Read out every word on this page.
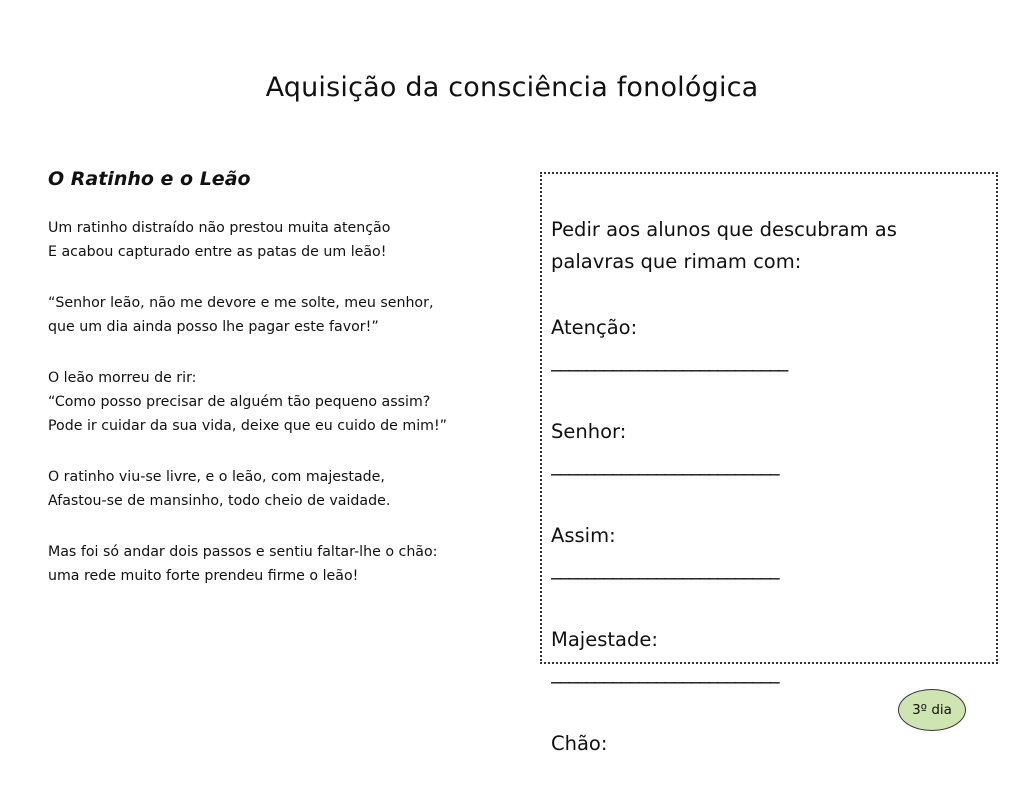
Aquisição da consciência fonológica
O Ratinho e o Leão
Um ratinho distraído não prestou muita atenção
E acabou capturado entre as patas de um leão!
“Senhor leão, não me devore e me solte, meu senhor,
que um dia ainda posso lhe pagar este favor!”
O leão morreu de rir:
“Como posso precisar de alguém tão pequeno assim?
Pode ir cuidar da sua vida, deixe que eu cuido de mim!”
O ratinho viu-se livre, e o leão, com majestade,
Afastou-se de mansinho, todo cheio de vaidade.
Mas foi só andar dois passos e sentiu faltar-lhe o chão:
uma rede muito forte prendeu firme o leão!
Pedir aos alunos que descubram as palavras que rimam com:
Atenção:
___________________________
Senhor:
__________________________
Assim:
__________________________
Majestade:
__________________________
Chão:
3º dia
